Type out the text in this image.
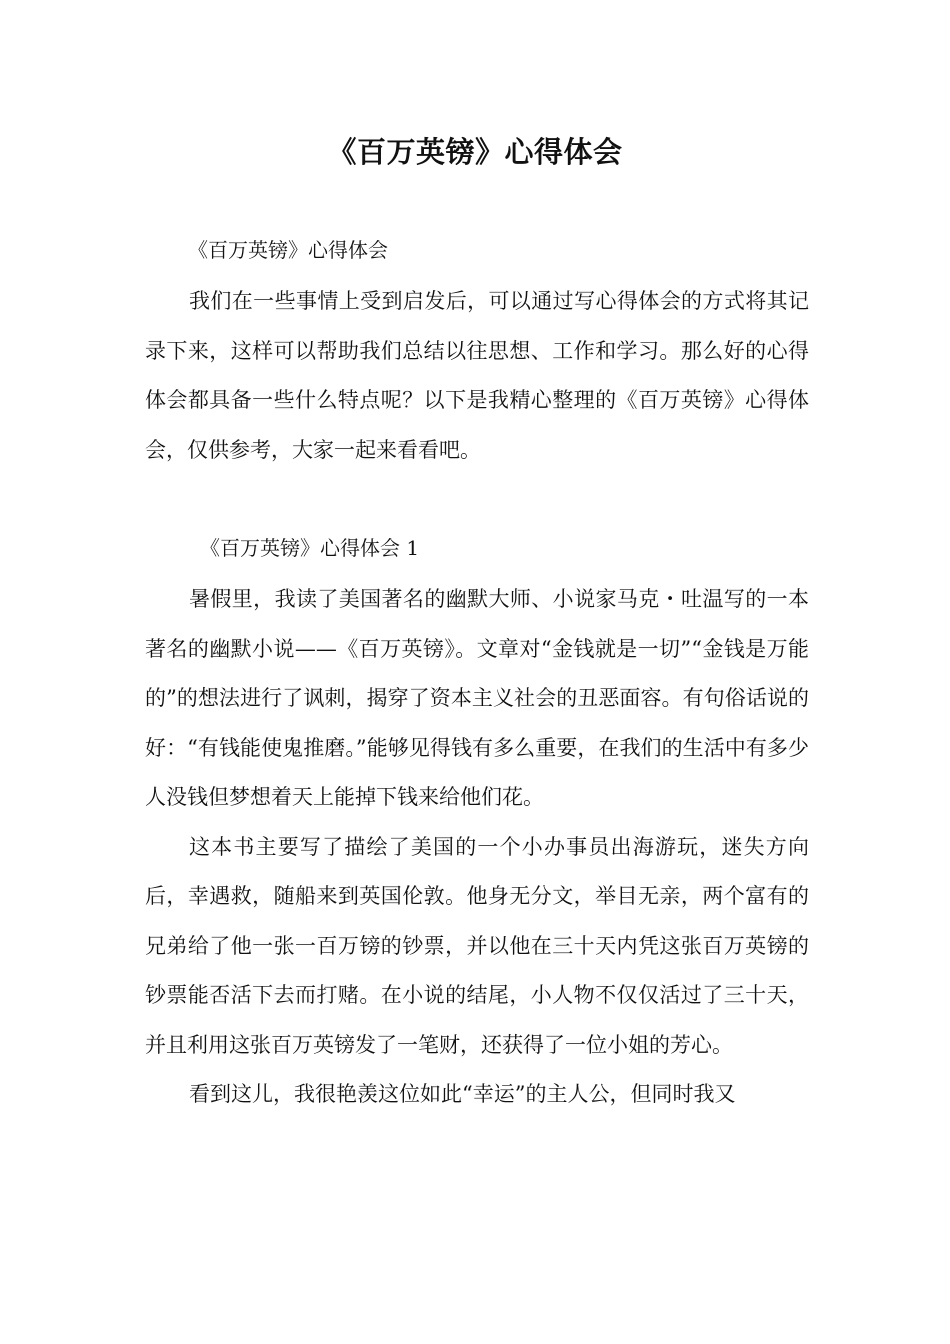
《百万英镑》心得体会
《百万英镑》心得体会

我们在一些事情上受到启发后，可以通过写心得体会的方式将其记录下来，这样可以帮助我们总结以往思想、工作和学习。那么好的心得体会都具备一些什么特点呢？以下是我精心整理的《百万英镑》心得体会，仅供参考，大家一起来看看吧。

《百万英镑》心得体会 1

暑假里，我读了美国著名的幽默大师、小说家马克・吐温写的一本著名的幽默小说——《百万英镑》。文章对“金钱就是一切”“金钱是万能的”的想法进行了讽刺，揭穿了资本主义社会的丑恶面容。有句俗话说的好：“有钱能使鬼推磨。”能够见得钱有多么重要，在我们的生活中有多少人没钱但梦想着天上能掉下钱来给他们花。

这本书主要写了描绘了美国的一个小办事员出海游玩，迷失方向后，幸遇救，随船来到英国伦敦。他身无分文，举目无亲，两个富有的兄弟给了他一张一百万镑的钞票，并以他在三十天内凭这张百万英镑的钞票能否活下去而打赌。在小说的结尾，小人物不仅仅活过了三十天，并且利用这张百万英镑发了一笔财，还获得了一位小姐的芳心。

看到这儿，我很艳羡这位如此“幸运”的主人公，但同时我又
